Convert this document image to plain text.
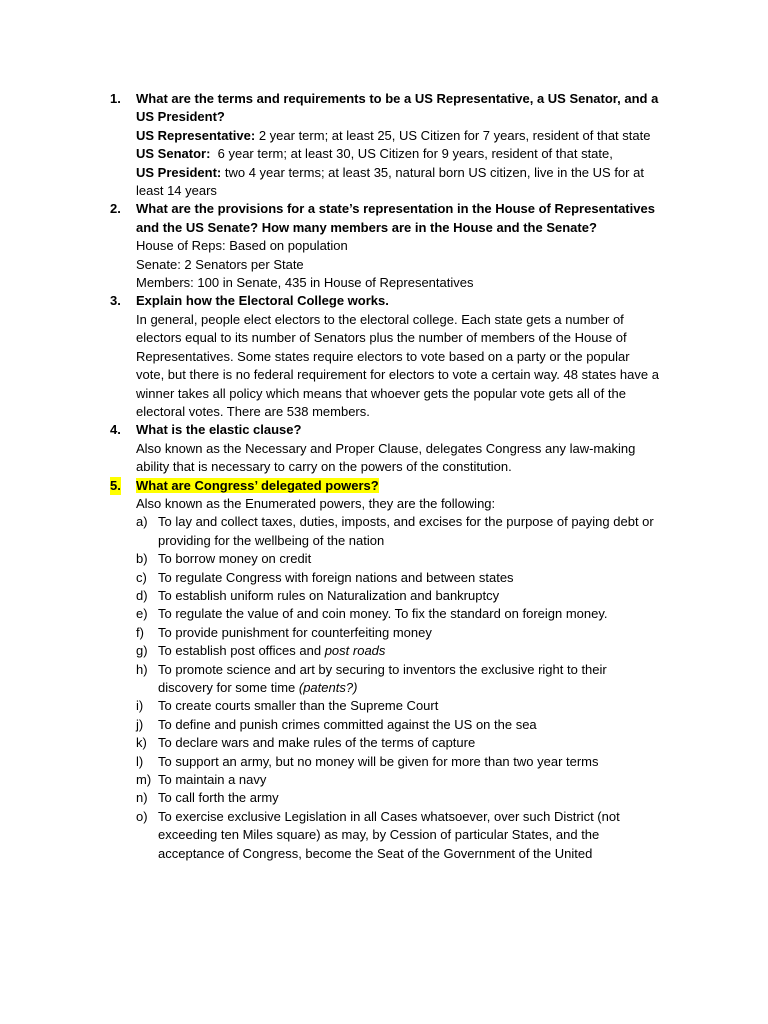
1. What are the terms and requirements to be a US Representative, a US Senator, and a US President?
US Representative: 2 year term; at least 25, US Citizen for 7 years, resident of that state
US Senator:  6 year term; at least 30, US Citizen for 9 years, resident of that state,
US President: two 4 year terms; at least 35, natural born US citizen, live in the US for at least 14 years
2. What are the provisions for a state’s representation in the House of Representatives and the US Senate? How many members are in the House and the Senate?
House of Reps: Based on population
Senate: 2 Senators per State
Members: 100 in Senate, 435 in House of Representatives
3. Explain how the Electoral College works.
In general, people elect electors to the electoral college. Each state gets a number of electors equal to its number of Senators plus the number of members of the House of Representatives. Some states require electors to vote based on a party or the popular vote, but there is no federal requirement for electors to vote a certain way. 48 states have a winner takes all policy which means that whoever gets the popular vote gets all of the electoral votes. There are 538 members.
4. What is the elastic clause?
Also known as the Necessary and Proper Clause, delegates Congress any law-making ability that is necessary to carry on the powers of the constitution.
5. What are Congress’ delegated powers?
Also known as the Enumerated powers, they are the following:
a) To lay and collect taxes, duties, imposts, and excises for the purpose of paying debt or providing for the wellbeing of the nation
b) To borrow money on credit
c) To regulate Congress with foreign nations and between states
d) To establish uniform rules on Naturalization and bankruptcy
e) To regulate the value of and coin money. To fix the standard on foreign money.
f) To provide punishment for counterfeiting money
g) To establish post offices and post roads
h) To promote science and art by securing to inventors the exclusive right to their discovery for some time (patents?)
i) To create courts smaller than the Supreme Court
j) To define and punish crimes committed against the US on the sea
k) To declare wars and make rules of the terms of capture
l) To support an army, but no money will be given for more than two year terms
m) To maintain a navy
n) To call forth the army
o) To exercise exclusive Legislation in all Cases whatsoever, over such District (not exceeding ten Miles square) as may, by Cession of particular States, and the acceptance of Congress, become the Seat of the Government of the United
